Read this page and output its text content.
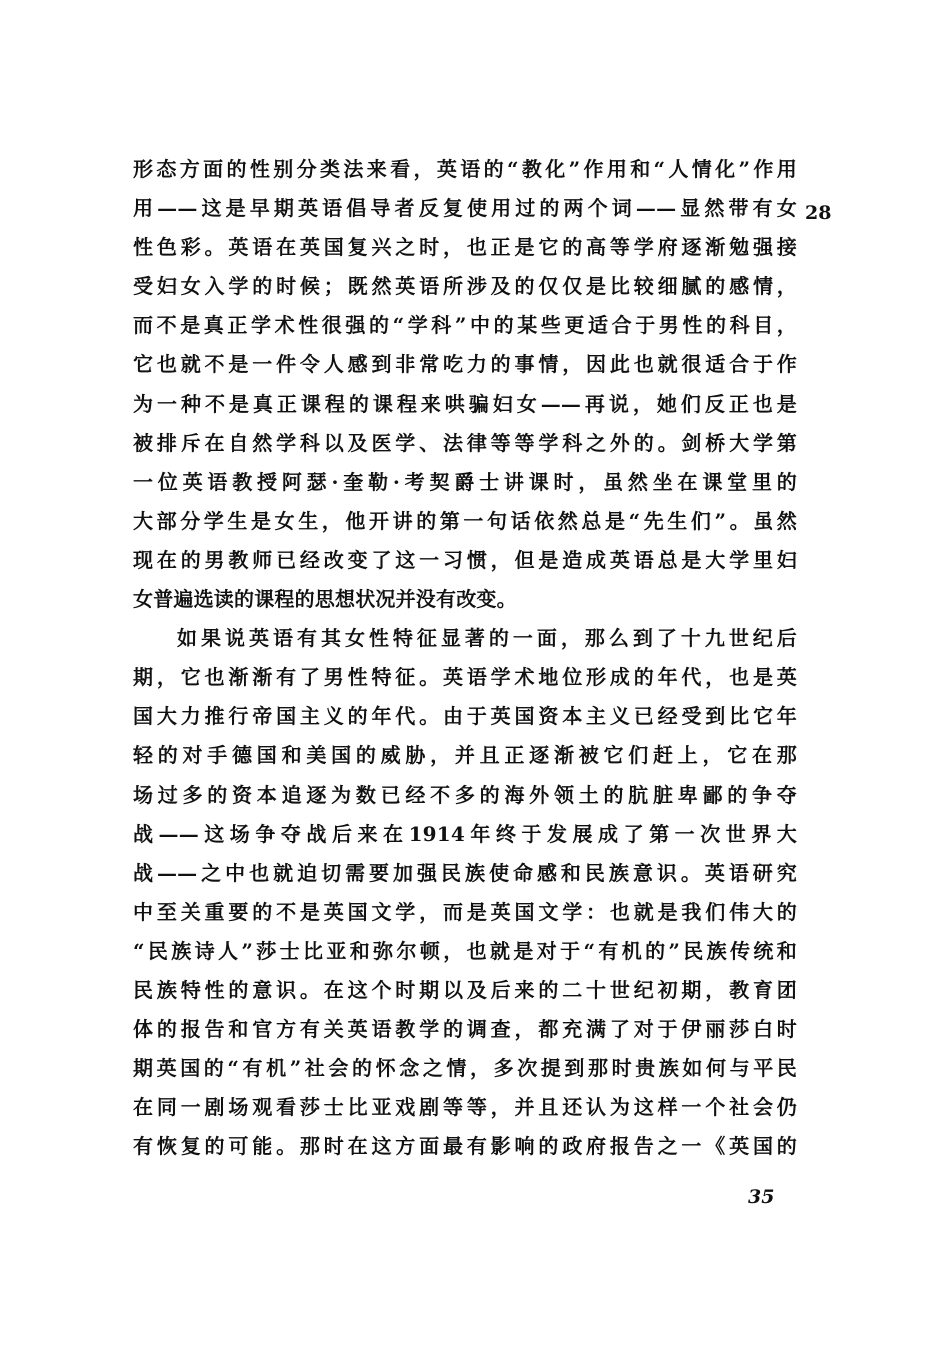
形态方面的性别分类法来看，英语的“教化”作用和“人情化”作用
用——这是早期英语倡导者反复使用过的两个词——显然带有女
性色彩。英语在英国复兴之时，也正是它的高等学府逐渐勉强接
受妇女入学的时候；既然英语所涉及的仅仅是比较细腻的感情，
而不是真正学术性很强的“学科”中的某些更适合于男性的科目，
它也就不是一件令人感到非常吃力的事情，因此也就很适合于作
为一种不是真正课程的课程来哄骗妇女——再说，她们反正也是
被排斥在自然学科以及医学、法律等等学科之外的。剑桥大学第
一位英语教授阿瑟·奎勒·考契爵士讲课时，虽然坐在课堂里的
大部分学生是女生，他开讲的第一句话依然总是“先生们”。虽然
现在的男教师已经改变了这一习惯，但是造成英语总是大学里妇
女普遍选读的课程的思想状况并没有改变。
如果说英语有其女性特征显著的一面，那么到了十九世纪后
期，它也渐渐有了男性特征。英语学术地位形成的年代，也是英
国大力推行帝国主义的年代。由于英国资本主义已经受到比它年
轻的对手德国和美国的威胁，并且正逐渐被它们赶上，它在那
场过多的资本追逐为数已经不多的海外领土的肮脏卑鄙的争夺
战——这场争夺战后来在1914年终于发展成了第一次世界大
战——之中也就迫切需要加强民族使命感和民族意识。英语研究
中至关重要的不是英国文学，而是英国文学：也就是我们伟大的
“民族诗人”莎士比亚和弥尔顿，也就是对于“有机的”民族传统和
民族特性的意识。在这个时期以及后来的二十世纪初期，教育团
体的报告和官方有关英语教学的调查，都充满了对于伊丽莎白时
期英国的“有机”社会的怀念之情，多次提到那时贵族如何与平民
在同一剧场观看莎士比亚戏剧等等，并且还认为这样一个社会仍
有恢复的可能。那时在这方面最有影响的政府报告之一《英国的
28
35
